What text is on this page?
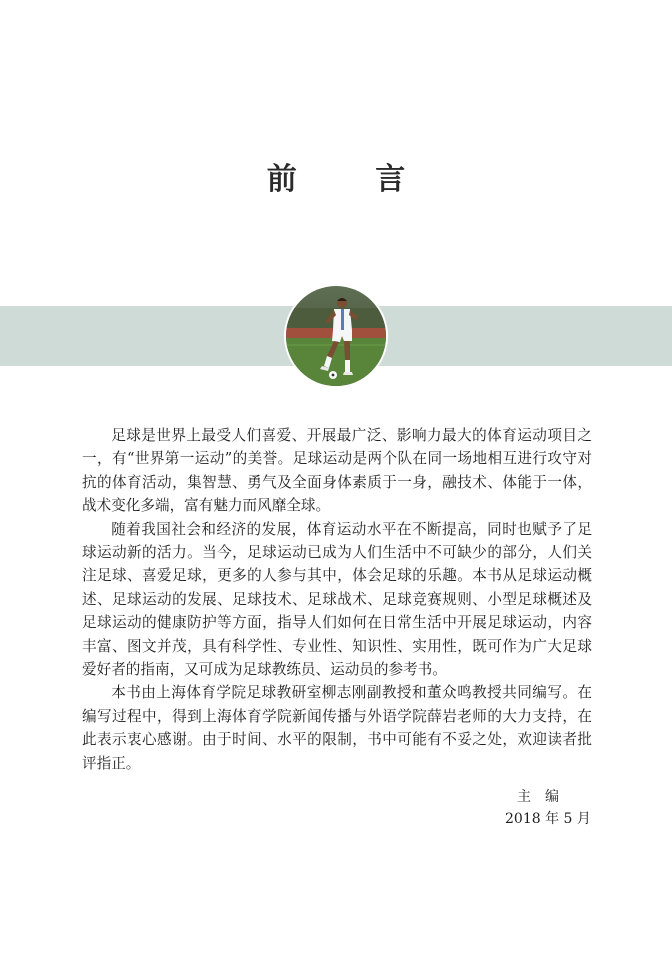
前 言

足球是世界上最受人们喜爱、开展最广泛、影响力最大的体育运动项目之一，有“世界第一运动”的美誉。足球运动是两个队在同一场地相互进行攻守对抗的体育活动，集智慧、勇气及全面身体素质于一身，融技术、体能于一体，战术变化多端，富有魅力而风靡全球。

随着我国社会和经济的发展，体育运动水平在不断提高，同时也赋予了足球运动新的活力。当今，足球运动已成为人们生活中不可缺少的部分，人们关注足球、喜爱足球，更多的人参与其中，体会足球的乐趣。本书从足球运动概述、足球运动的发展、足球技术、足球战术、足球竞赛规则、小型足球概述及足球运动的健康防护等方面，指导人们如何在日常生活中开展足球运动，内容丰富、图文并茂，具有科学性、专业性、知识性、实用性，既可作为广大足球爱好者的指南，又可成为足球教练员、运动员的参考书。

本书由上海体育学院足球教研室柳志刚副教授和董众鸣教授共同编写。在编写过程中，得到上海体育学院新闻传播与外语学院薛岩老师的大力支持，在此表示衷心感谢。由于时间、水平的限制，书中可能有不妥之处，欢迎读者批评指正。

主编
2018 年 5 月
